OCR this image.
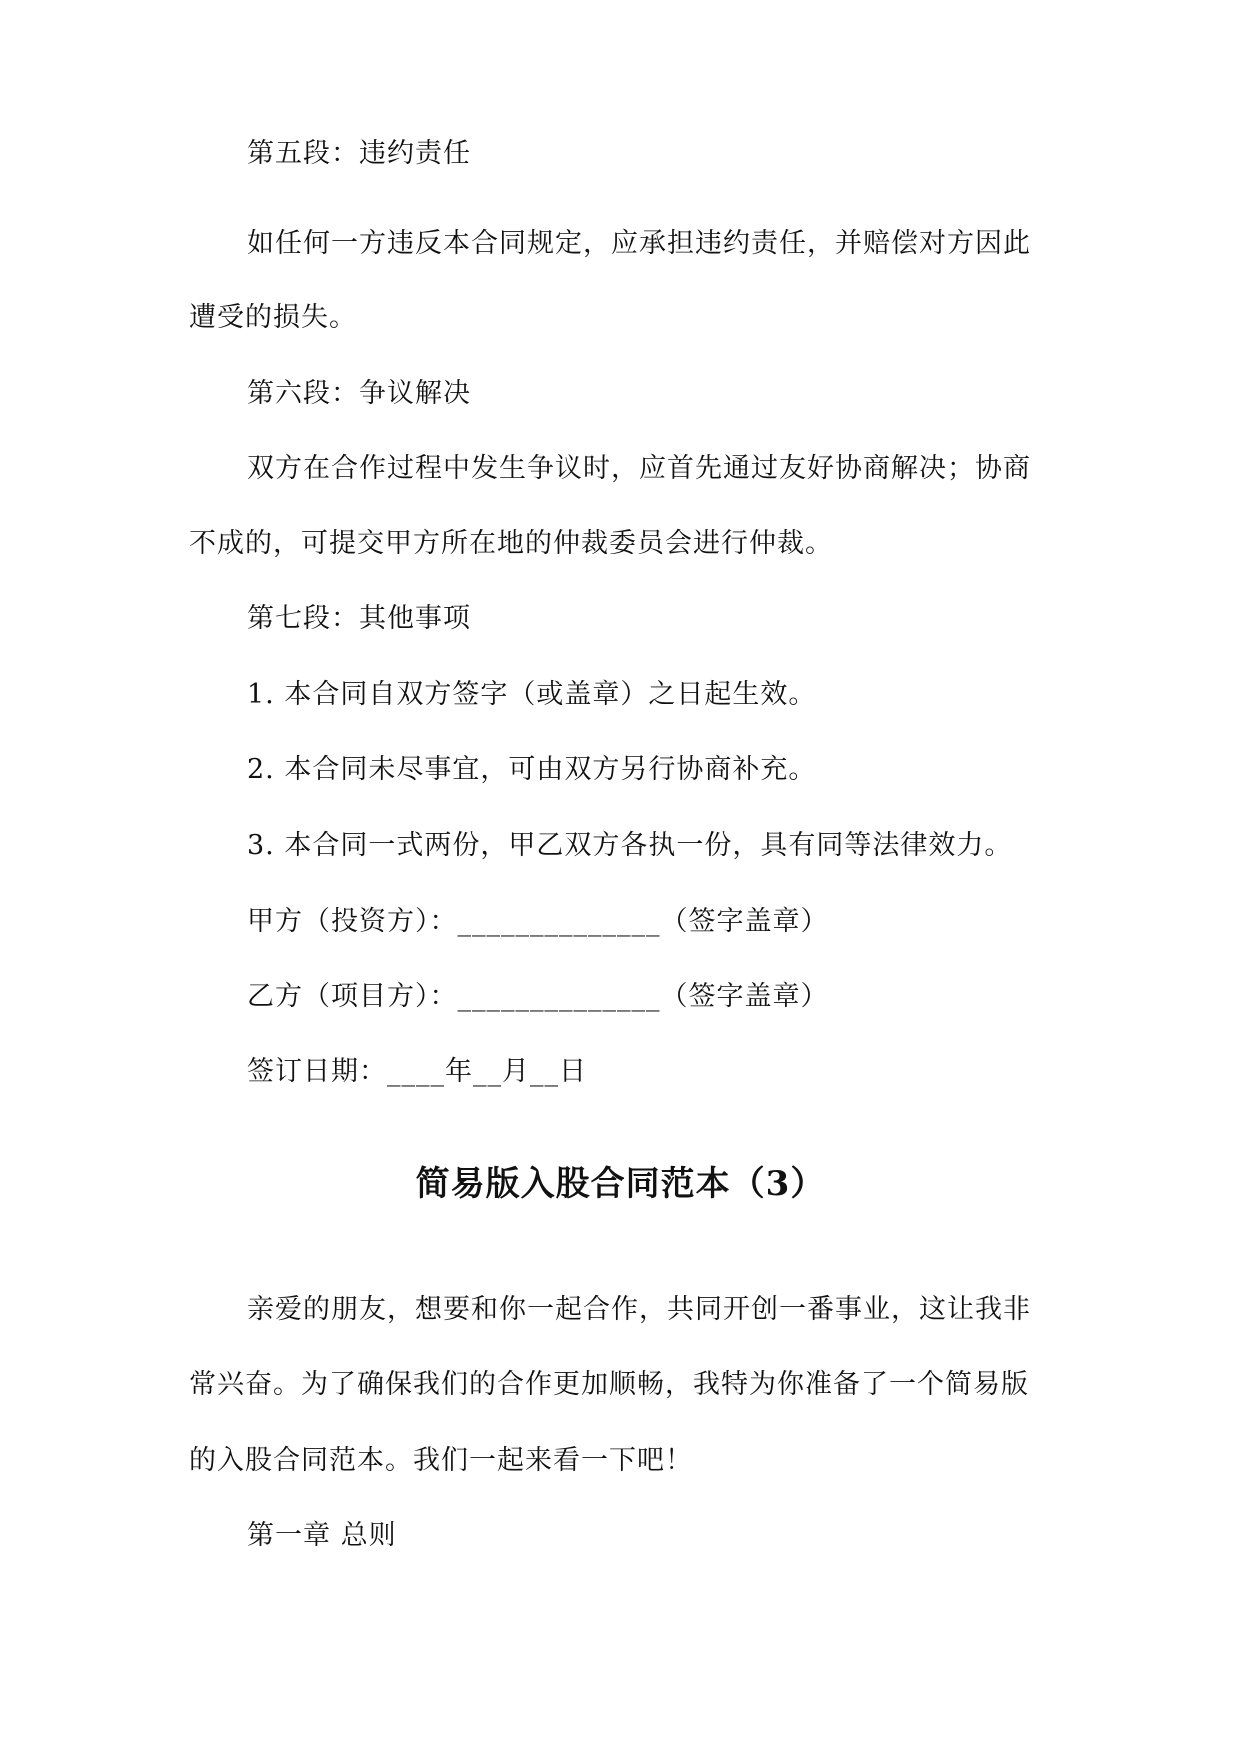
第五段：违约责任
如任何一方违反本合同规定，应承担违约责任，并赔偿对方因此
遭受的损失。
第六段：争议解决
双方在合作过程中发生争议时，应首先通过友好协商解决；协商
不成的，可提交甲方所在地的仲裁委员会进行仲裁。
第七段：其他事项
1. 本合同自双方签字（或盖章）之日起生效。
2. 本合同未尽事宜，可由双方另行协商补充。
3. 本合同一式两份，甲乙双方各执一份，具有同等法律效力。
甲方（投资方）：______________（签字盖章）
乙方（项目方）：______________（签字盖章）
签订日期：____年__月__日
简易版入股合同范本（3）
亲爱的朋友，想要和你一起合作，共同开创一番事业，这让我非
常兴奋。为了确保我们的合作更加顺畅，我特为你准备了一个简易版
的入股合同范本。我们一起来看一下吧！
第一章 总则
